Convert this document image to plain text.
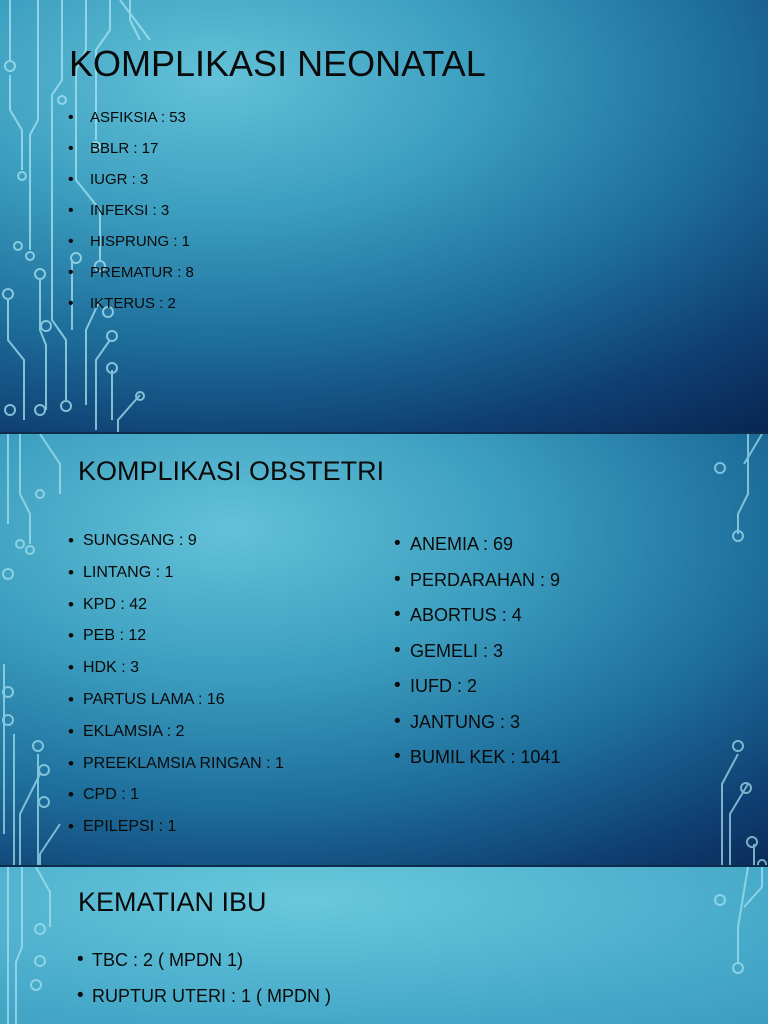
KOMPLIKASI NEONATAL
• ASFIKSIA : 53
• BBLR : 17
• IUGR : 3
• INFEKSI : 3
• HISPRUNG : 1
• PREMATUR : 8
• IKTERUS : 2
KOMPLIKASI OBSTETRI
• SUNGSANG : 9
• LINTANG : 1
• KPD : 42
• PEB : 12
• HDK : 3
• PARTUS LAMA : 16
• EKLAMSIA : 2
• PREEKLAMSIA RINGAN : 1
• CPD : 1
• EPILEPSI : 1
• ANEMIA : 69
• PERDARAHAN : 9
• ABORTUS : 4
• GEMELI : 3
• IUFD : 2
• JANTUNG : 3
• BUMIL KEK : 1041
KEMATIAN IBU
• TBC : 2 ( MPDN 1)
• RUPTUR UTERI : 1 ( MPDN )
